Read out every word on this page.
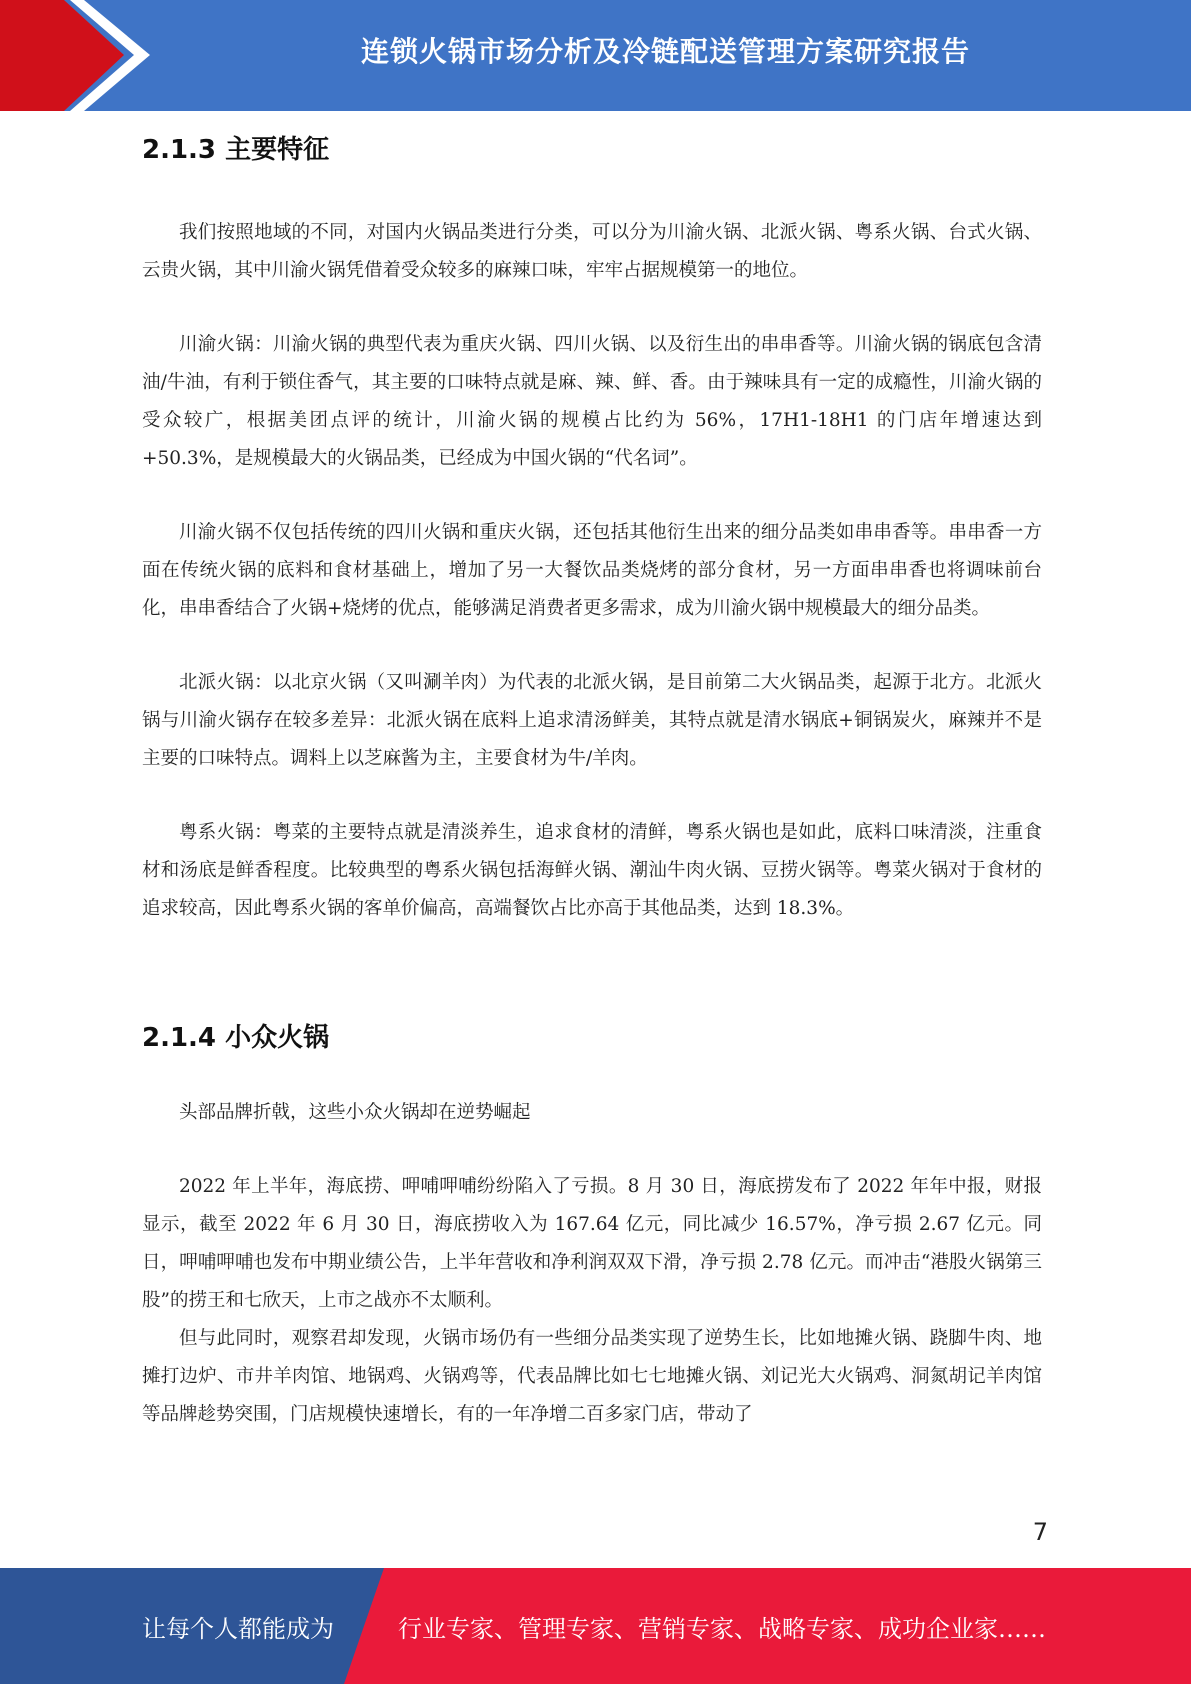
连锁火锅市场分析及冷链配送管理方案研究报告
2.1.3 主要特征

我们按照地域的不同，对国内火锅品类进行分类，可以分为川渝火锅、北派火锅、粤系火锅、台式火锅、云贵火锅，其中川渝火锅凭借着受众较多的麻辣口味，牢牢占据规模第一的地位。

川渝火锅：川渝火锅的典型代表为重庆火锅、四川火锅、以及衍生出的串串香等。川渝火锅的锅底包含清油/牛油，有利于锁住香气，其主要的口味特点就是麻、辣、鲜、香。由于辣味具有一定的成瘾性，川渝火锅的受众较广，根据美团点评的统计，川渝火锅的规模占比约为 56%，17H1-18H1 的门店年增速达到+50.3%，是规模最大的火锅品类，已经成为中国火锅的“代名词”。

川渝火锅不仅包括传统的四川火锅和重庆火锅，还包括其他衍生出来的细分品类如串串香等。串串香一方面在传统火锅的底料和食材基础上，增加了另一大餐饮品类烧烤的部分食材，另一方面串串香也将调味前台化，串串香结合了火锅+烧烤的优点，能够满足消费者更多需求，成为川渝火锅中规模最大的细分品类。

北派火锅：以北京火锅（又叫涮羊肉）为代表的北派火锅，是目前第二大火锅品类，起源于北方。北派火锅与川渝火锅存在较多差异：北派火锅在底料上追求清汤鲜美，其特点就是清水锅底+铜锅炭火，麻辣并不是主要的口味特点。调料上以芝麻酱为主，主要食材为牛/羊肉。

粤系火锅：粤菜的主要特点就是清淡养生，追求食材的清鲜，粤系火锅也是如此，底料口味清淡，注重食材和汤底是鲜香程度。比较典型的粤系火锅包括海鲜火锅、潮汕牛肉火锅、豆捞火锅等。粤菜火锅对于食材的追求较高，因此粤系火锅的客单价偏高，高端餐饮占比亦高于其他品类，达到 18.3%。

2.1.4 小众火锅

头部品牌折戟，这些小众火锅却在逆势崛起

2022 年上半年，海底捞、呷哺呷哺纷纷陷入了亏损。8 月 30 日，海底捞发布了 2022 年年中报，财报显示，截至 2022 年 6 月 30 日，海底捞收入为 167.64 亿元，同比减少 16.57%，净亏损 2.67 亿元。同日，呷哺呷哺也发布中期业绩公告，上半年营收和净利润双双下滑，净亏损 2.78 亿元。而冲击“港股火锅第三股”的捞王和七欣天，上市之战亦不太顺利。

但与此同时，观察君却发现，火锅市场仍有一些细分品类实现了逆势生长，比如地摊火锅、跷脚牛肉、地摊打边炉、市井羊肉馆、地锅鸡、火锅鸡等，代表品牌比如七七地摊火锅、刘记光大火锅鸡、洞氮胡记羊肉馆等品牌趁势突围，门店规模快速增长，有的一年净增二百多家门店，带动了

7
让每个人都能成为	行业专家、管理专家、营销专家、战略专家、成功企业家……
